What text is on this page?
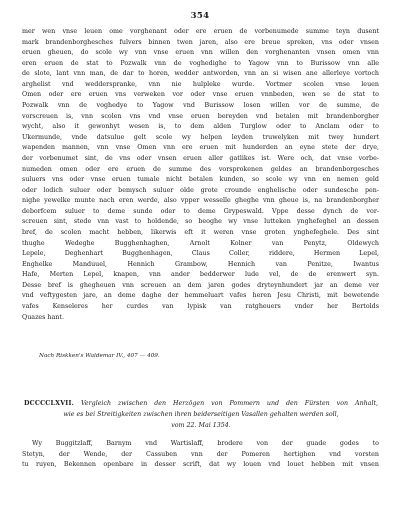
354
mer wen vnse leuen ome vorghenant oder ere eruen de vorbenumede summe teyn dusent
mark brandenborghesches fulvers binnen twen jaren, also ere breue spreken, vns oder vnsen
eruen gheuen, do scole wy vnn vnse eruen vnn willen den vorghenanten vnsen omen vnn
eren eruen de stat to Pozwalk vnn de voghedighe to Yagow vnn to Burissow vnn alle
de slote, lant vnn man, de dar to horen, wedder antworden, vnn an si wisen ane allerleye vortoch
arghelist vnd wedderspranke, vnn nie hulpleke wurde. Vortmer scolen vnse leuen
Omen oder ere eruen vns verweken vor oder vnse eruen vnnbeden, wen se de stat to
Pozwalk vnn de voghedye to Yagow vnd Burissow losen willen vor de summe, de
vorscreuen is, vnn scolen vns vnd vnse eruen bereyden vnd betalen mit brandenborgher
wycht, also it gewonhyt wesen is, to dem alden Turglow oder to Anclam oder to
Ukermunde, vnde datsulue gelt scole wy helpen leyden truwelyken mit twey hundert
wapenden mannen, vnn vnse Omen vnn ere eruen mit hunderden an eyne stete der drye,
der vorbenumet sint, de vns oder vnsen eruen aller gatlikes ist. Were och, dat vnse vorbe-
numeden omen oder ere eruen de summe des vorsprokenen geldes an brandenborgesches
suluers vns oder vnse eruen tumale nicht betalen kunden, so scole wy vnn en nemen geld
oder lodich suluer oder bemysch suluer olde grote crounde enghelische oder sundesche pen-
nighe yewelke munte nach eren werde, also vpper wesselle gheghe vnn gheue is, na brandenborgher
deborfcem suluer to deme sunde oder to deme Grypeswald. Vppe desse dynch de vor-
screuen sint, stede vnn vast to holdende, so beoghe wy vnse lutteken ynghefeghel an dessen
bref, de scolen macht hebben, likerwis eft it weren vnse groten ynghefeghele. Des sint
thughe Wedeghe Bugghenhaghen, Arnolt Kolner van Penytz, Oldewych
Lepele, Deghenhart Bugghenhagen, Claus Coller, riddere, Hermen Lepel,
Enghelke Manduuel, Hennich Grambow, Hennich van Penitze, Iwantus
Hafe, Merten Lepel, knapen, vnn ander bedderwer lude vel, de de erenwert syn.
Desse bref is ghegheuen vnn screuen an dem jaren godes dryteynhundert jar an deme ver
vnd veftygesten jare, an deme daghe der hemmeluart vafes heren Jesu Christi, mit bewetende
vafes Kenseleres her curdes van lypisk van ratgheuers vnder her Bertolds
Quazes hant.
Nach Riskken's Waldemar IV., 407 — 409.
DCCCCLXVII. Vergleich zwischen den Herzögen von Pommern und den Fürsten von Anhalt,
wie es bei Streitigkeiten zwischen ihren beiderseitigen Vasallen gehalten werden soll,
vom 22. Mai 1354.
Wy Buggitzlaff, Barnym vnd Wartislaff, brodere von der guade godes to
Stetyn, der Wende, der Cassuben vnn der Pomeren hertighen vnd vorsten
tu ruyen, Bekennen openbare in desser scrift, dat wy louen vnd louet hebben mit vnsen
